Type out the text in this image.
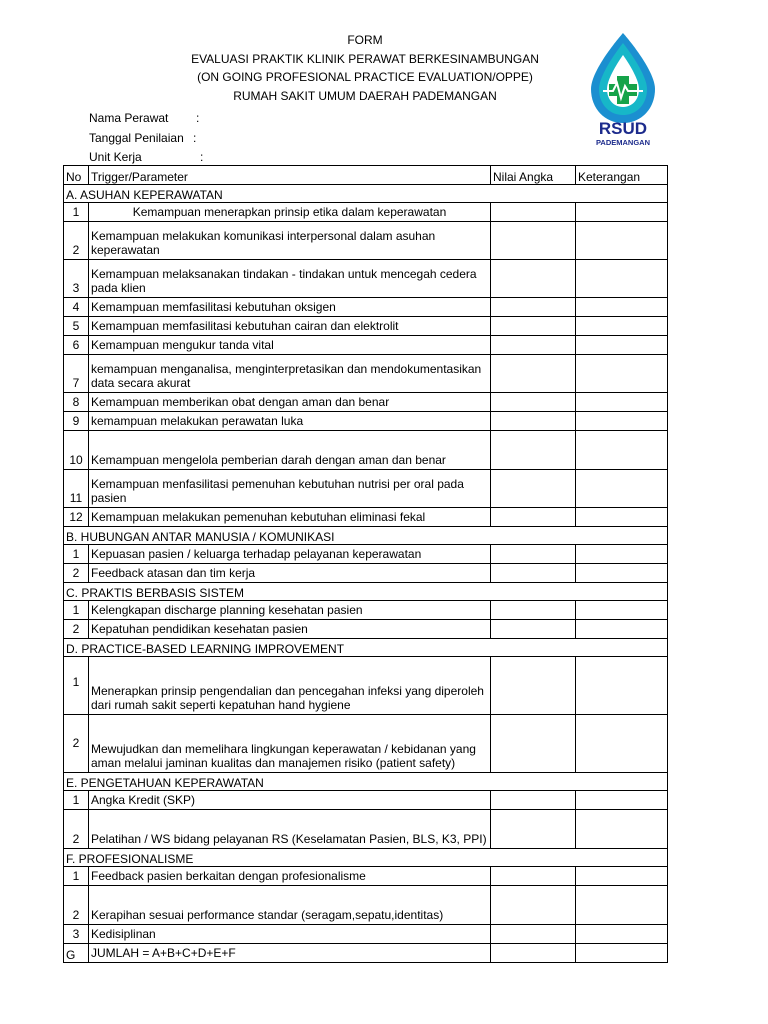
FORM
EVALUASI PRAKTIK KLINIK PERAWAT BERKESINAMBUNGAN
(ON GOING PROFESIONAL PRACTICE EVALUATION/OPPE)
RUMAH SAKIT UMUM DAERAH PADEMANGAN
RSUD
PADEMANGAN
Nama Perawat :
Tanggal Penilaian :
Unit Kerja	:
No	Trigger/Parameter	Nilai Angka	Keterangan
A. ASUHAN KEPERAWATAN			
1	Kemampuan menerapkan prinsip etika dalam keperawatan		
2	Kemampuan melakukan komunikasi interpersonal dalam asuhan keperawatan		
3	Kemampuan melaksanakan tindakan - tindakan untuk mencegah cedera pada klien		
4	Kemampuan memfasilitasi kebutuhan oksigen		
5	Kemampuan memfasilitasi kebutuhan cairan dan elektrolit		
6	Kemampuan mengukur tanda vital		
7	kemampuan menganalisa, menginterpretasikan dan mendokumentasikan data secara akurat		
8	Kemampuan memberikan obat dengan aman dan benar		
9	kemampuan melakukan perawatan luka		
10	Kemampuan mengelola pemberian darah dengan aman dan benar		
11	Kemampuan menfasilitasi pemenuhan kebutuhan nutrisi per oral pada pasien		
12	Kemampuan melakukan pemenuhan kebutuhan eliminasi fekal		
B. HUBUNGAN ANTAR MANUSIA / KOMUNIKASI			
1	Kepuasan pasien / keluarga terhadap pelayanan keperawatan		
2	Feedback atasan dan tim kerja		
C. PRAKTIS BERBASIS SISTEM			
1	Kelengkapan discharge planning kesehatan pasien		
2	Kepatuhan pendidikan kesehatan pasien		
D. PRACTICE-BASED LEARNING IMPROVEMENT			
1	Menerapkan prinsip pengendalian dan pencegahan infeksi yang diperoleh dari rumah sakit seperti kepatuhan hand hygiene		
2	Mewujudkan dan memelihara lingkungan keperawatan / kebidanan yang aman melalui jaminan kualitas dan manajemen risiko (patient safety)		
E. PENGETAHUAN KEPERAWATAN			
1	Angka Kredit (SKP)		
2	Pelatihan / WS bidang pelayanan RS (Keselamatan Pasien, BLS, K3, PPI)		
F. PROFESIONALISME			
1	Feedback pasien berkaitan dengan profesionalisme		
2	Kerapihan sesuai performance standar (seragam,sepatu,identitas)		
3	Kedisiplinan		
G	JUMLAH = A+B+C+D+E+F		
